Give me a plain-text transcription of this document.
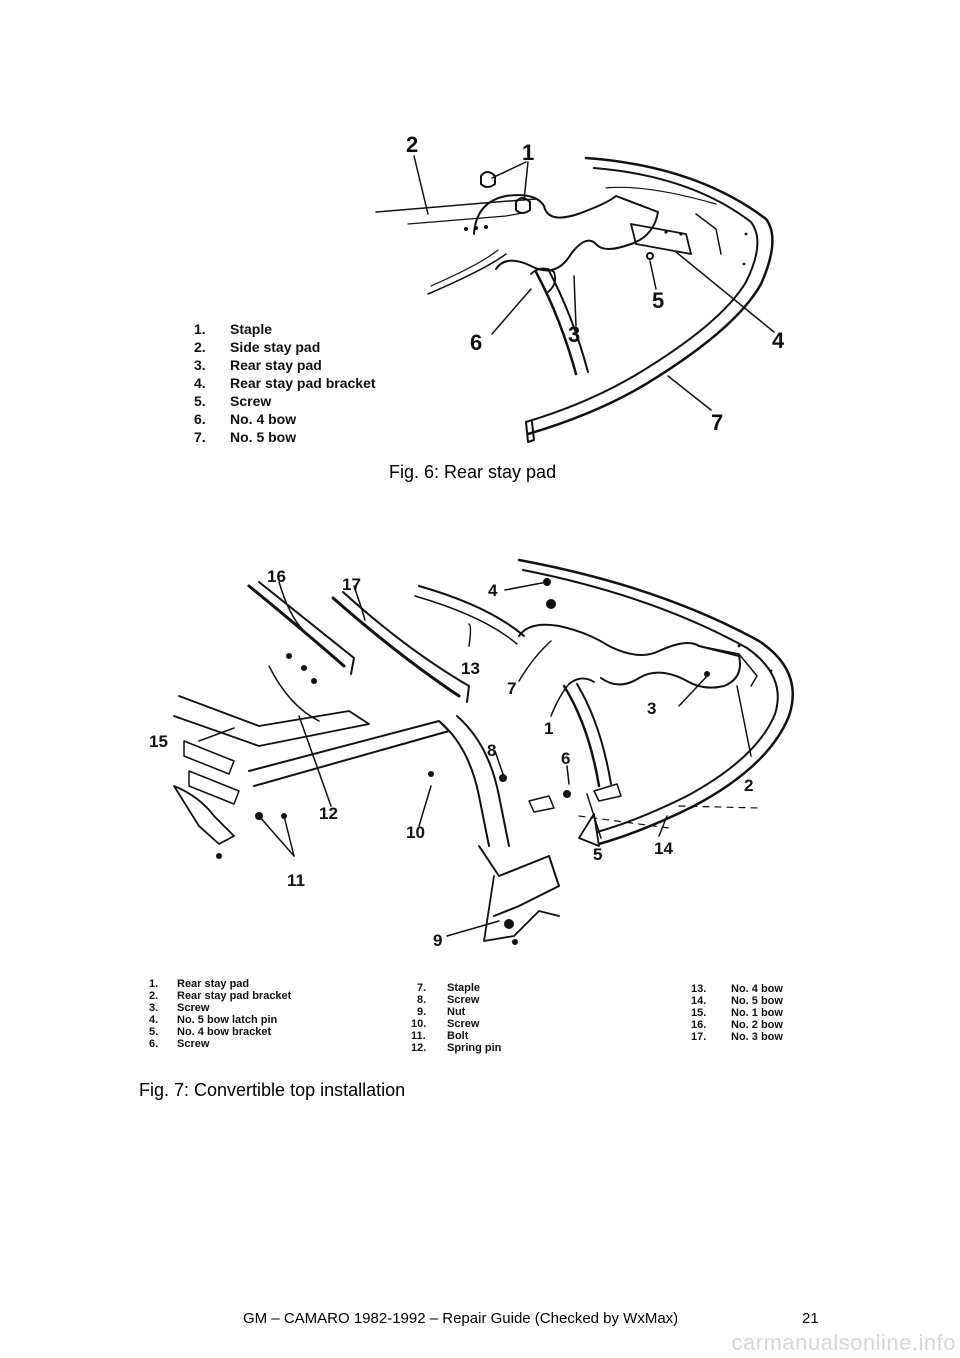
2	1
6	3
5
4
7
1. Staple
2. Side stay pad
3. Rear stay pad
4. Rear stay pad bracket
5. Screw
6. No. 4 bow
7. No. 5 bow
Fig. 6: Rear stay pad
16	17	4
13
7
1
3
15	8	6
2
12
10
5	14
11
9
1. Rear stay pad
2. Rear stay pad bracket
3. Screw
4. No. 5 bow latch pin
5. No. 4 bow bracket
6. Screw
7. Staple
8. Screw
9. Nut
10. Screw
11. Bolt
12. Spring pin
13. No. 4 bow
14. No. 5 bow
15. No. 1 bow
16. No. 2 bow
17. No. 3 bow
Fig. 7: Convertible top installation
GM – CAMARO 1982-1992 – Repair Guide (Checked by WxMax)	21
carmanualsonline.info
